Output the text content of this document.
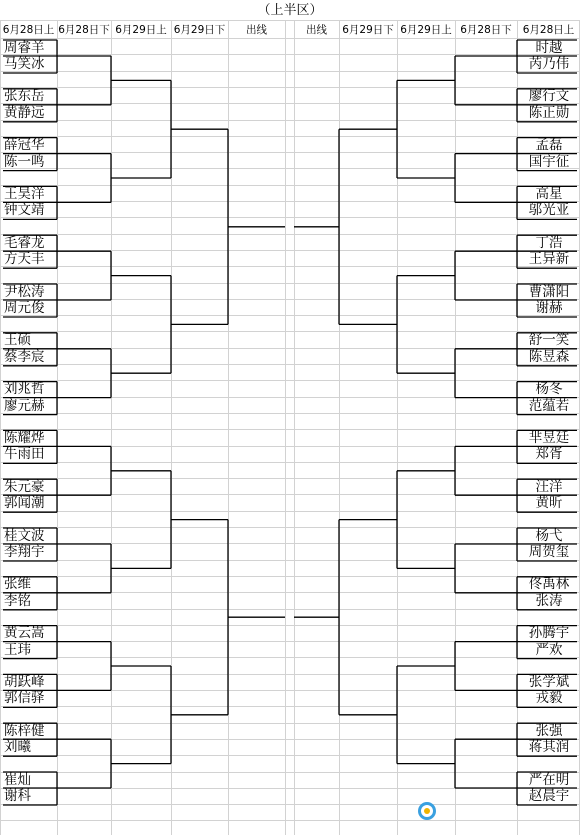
（上半区）
6月28日上 6月28日下 6月29日上 6月29日下	出线	出线	6月29日下 6月29日上 6月28日下	6月28日上
周睿羊
马笑冰
张东岳
黄静远
薛冠华
陈一鸣
王昊洋
钟文靖
毛睿龙
方天丰
尹松涛
周元俊
王硕
蔡李宸
刘兆哲
廖元赫
陈耀烨
牛雨田
朱元豪
郭闻潮
桂文波
李翔宇
张维
李铭
黄云嵩
王玮
胡跃峰
郭信驿
陈梓健
刘曦
崔灿
谢科
时越
芮乃伟
廖行文
陈正勋
孟磊
国宇征
高星
邬光亚
丁浩
王异新
曹潇阳
谢赫
舒一笑
陈昱森
杨冬
范蕴若
芈昱廷
郑胥
汪洋
黄昕
杨弋
周贺玺
佟禹林
张涛
孙腾宇
严欢
张学斌
戎毅
张强
蒋其润
严在明
赵晨宇
